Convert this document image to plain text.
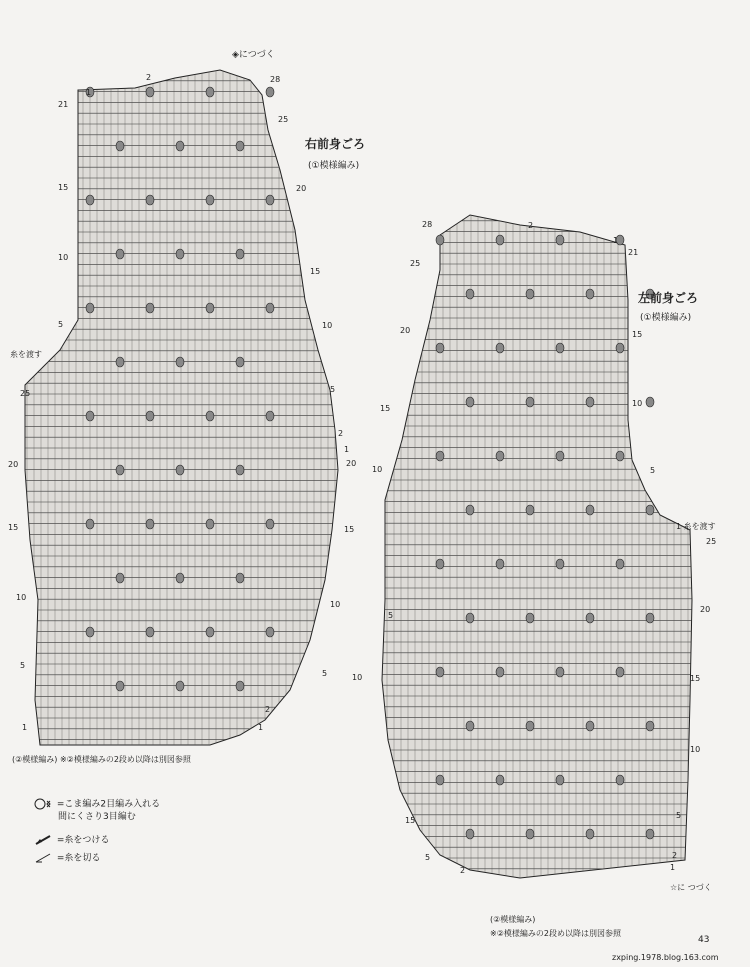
右前身ごろ
(①模様編み)
◈につづく
糸を渡す
(②模様編み) ※②模様編みの2段め以降は別図参照
左前身ごろ
(①模様編み)
1 糸を渡す
☆に つづく
(②模様編み)
※②模様編みの2段め以降は別図参照
43
zxping.1978.blog.163.com
21
15
10
5
25
20
15
10
5
1
28
25
20
15
10
5
2
1
20
15
10
5
2
1
1
2
28
25
20
15
10
5
10
15
5
2
21
15
10
5
25
20
15
10
5
2
1
2
1
=こま編み2目編み入れる
間にくさり3目編む
=糸をつける
=糸を切る
